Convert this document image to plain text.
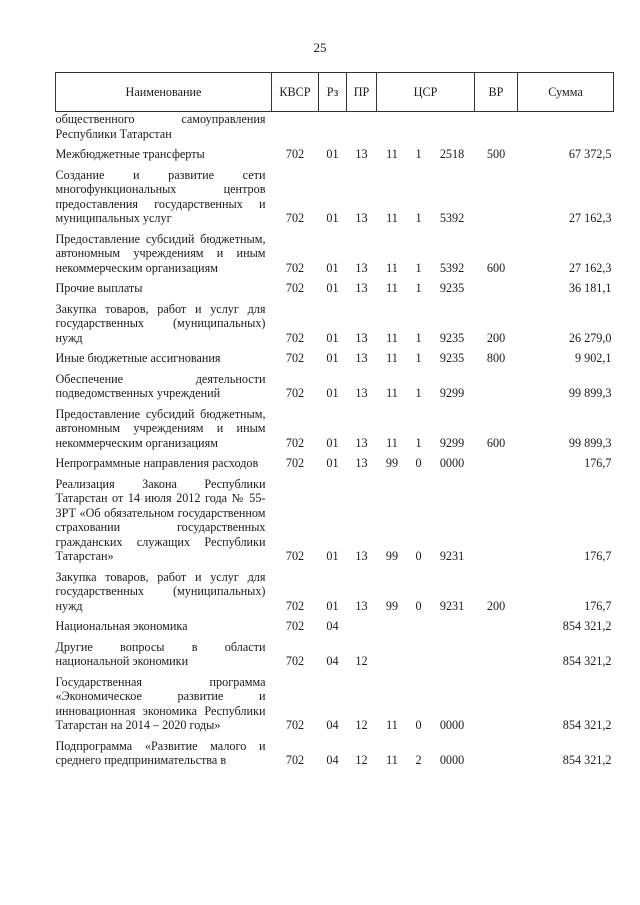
25
Наименование	КВСР	Рз	ПР	ЦСР			ВР	Сумма
общественного самоуправления Республики Татарстан								
Межбюджетные трансферты	702	01	13	11	1	2518	500	67 372,5
Создание и развитие сети многофункциональных центров предоставления государственных и муниципальных услуг	702	01	13	11	1	5392		27 162,3
Предоставление субсидий бюджетным, автономным учреждениям и иным некоммерческим организациям	702	01	13	11	1	5392	600	27 162,3
Прочие выплаты	702	01	13	11	1	9235		36 181,1
Закупка товаров, работ и услуг для государственных (муниципальных) нужд	702	01	13	11	1	9235	200	26 279,0
Иные бюджетные ассигнования	702	01	13	11	1	9235	800	9 902,1
Обеспечение деятельности подведомственных учреждений	702	01	13	11	1	9299		99 899,3
Предоставление субсидий бюджетным, автономным учреждениям и иным некоммерческим организациям	702	01	13	11	1	9299	600	99 899,3
Непрограммные направления расходов	702	01	13	99	0	0000		176,7
Реализация Закона Республики Татарстан от 14 июля 2012 года № 55-ЗРТ «Об обязательном государственном страховании государственных гражданских служащих Республики Татарстан»	702	01	13	99	0	9231		176,7
Закупка товаров, работ и услуг для государственных (муниципальных) нужд	702	01	13	99	0	9231	200	176,7
Национальная экономика	702	04						854 321,2
Другие вопросы в области национальной экономики	702	04	12					854 321,2
Государственная программа «Экономическое развитие и инновационная экономика Республики Татарстан на 2014 – 2020 годы»	702	04	12	11	0	0000		854 321,2
Подпрограмма «Развитие малого и среднего предпринимательства в	702	04	12	11	2	0000		854 321,2
